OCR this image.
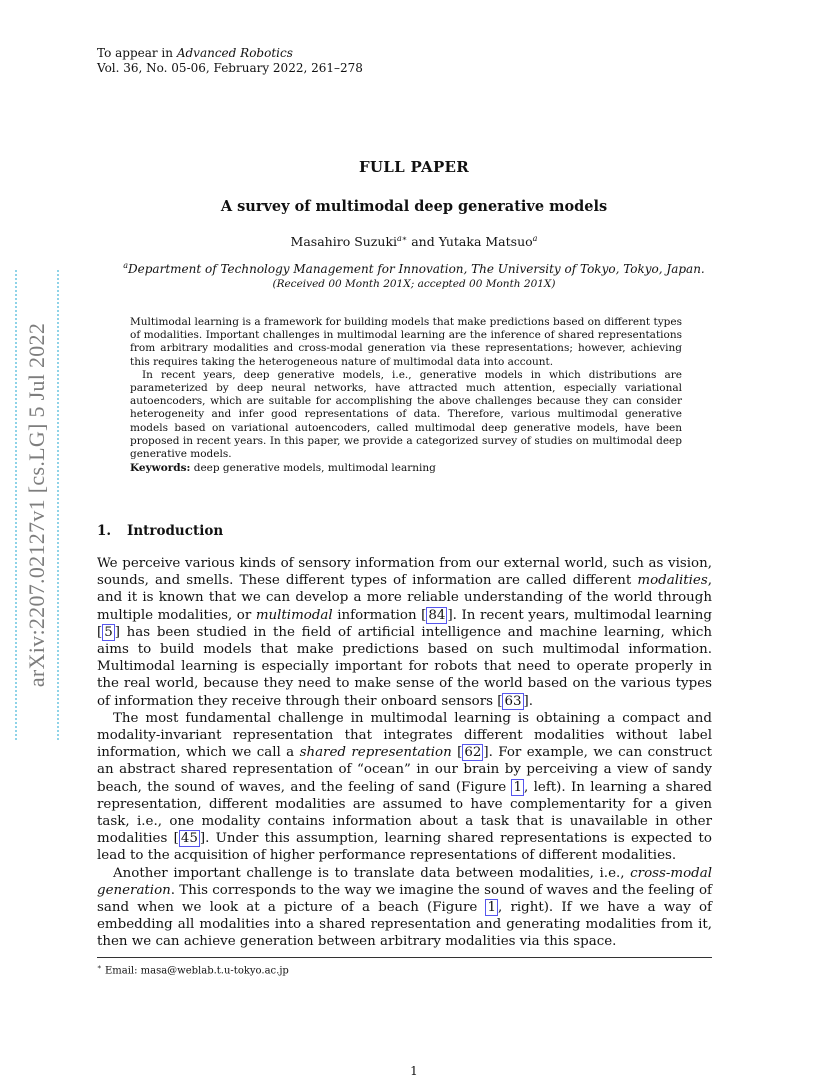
arXiv:2207.02127v1 [cs.LG] 5 Jul 2022
To appear in Advanced Robotics
Vol. 36, No. 05-06, February 2022, 261–278
FULL PAPER
A survey of multimodal deep generative models
Masahiro Suzuki$^{a∗}$ and Yutaka Matsuo$^a$
$^a$Department of Technology Management for Innovation, The University of Tokyo, Tokyo, Japan.
(Received 00 Month 201X; accepted 00 Month 201X)

Multimodal learning is a framework for building models that make predictions based on different types of modalities. Important challenges in multimodal learning are the inference of shared representations from arbitrary modalities and cross-modal generation via these representations; however, achieving this requires taking the heterogeneous nature of multimodal data into account.

In recent years, deep generative models, i.e., generative models in which distributions are parameterized by deep neural networks, have attracted much attention, especially variational autoencoders, which are suitable for accomplishing the above challenges because they can consider heterogeneity and infer good representations of data. Therefore, various multimodal generative models based on variational autoencoders, called multimodal deep generative models, have been proposed in recent years. In this paper, we provide a categorized survey of studies on multimodal deep generative models.

Keywords: deep generative models, multimodal learning
1. Introduction

We perceive various kinds of sensory information from our external world, such as vision, sounds, and smells. These different types of information are called different modalities, and it is known that we can develop a more reliable understanding of the world through multiple modalities, or multimodal information [ 84 ]. In recent years, multimodal learning [ 5 ] has been studied in the field of artificial intelligence and machine learning, which aims to build models that make predictions based on such multimodal information. Multimodal learning is especially important for robots that need to operate properly in the real world, because they need to make sense of the world based on the various types of information they receive through their onboard sensors [ 63 ].

The most fundamental challenge in multimodal learning is obtaining a compact and modality-invariant representation that integrates different modalities without label information, which we call a shared representation [ 62 ]. For example, we can construct an abstract shared representation of “ocean” in our brain by perceiving a view of sandy beach, the sound of waves, and the feeling of sand (Figure 1 , left). In learning a shared representation, different modalities are assumed to have complementarity for a given task, i.e., one modality contains information about a task that is unavailable in other modalities [ 45 ]. Under this assumption, learning shared representations is expected to lead to the acquisition of higher performance representations of different modalities.

Another important challenge is to translate data between modalities, i.e., cross-modal generation. This corresponds to the way we imagine the sound of waves and the feeling of sand when we look at a picture of a beach (Figure 1 , right). If we have a way of embedding all modalities into a shared representation and generating modalities from it, then we can achieve generation between arbitrary modalities via this space.

∗ Email: masa@weblab.t.u-tokyo.ac.jp
1
